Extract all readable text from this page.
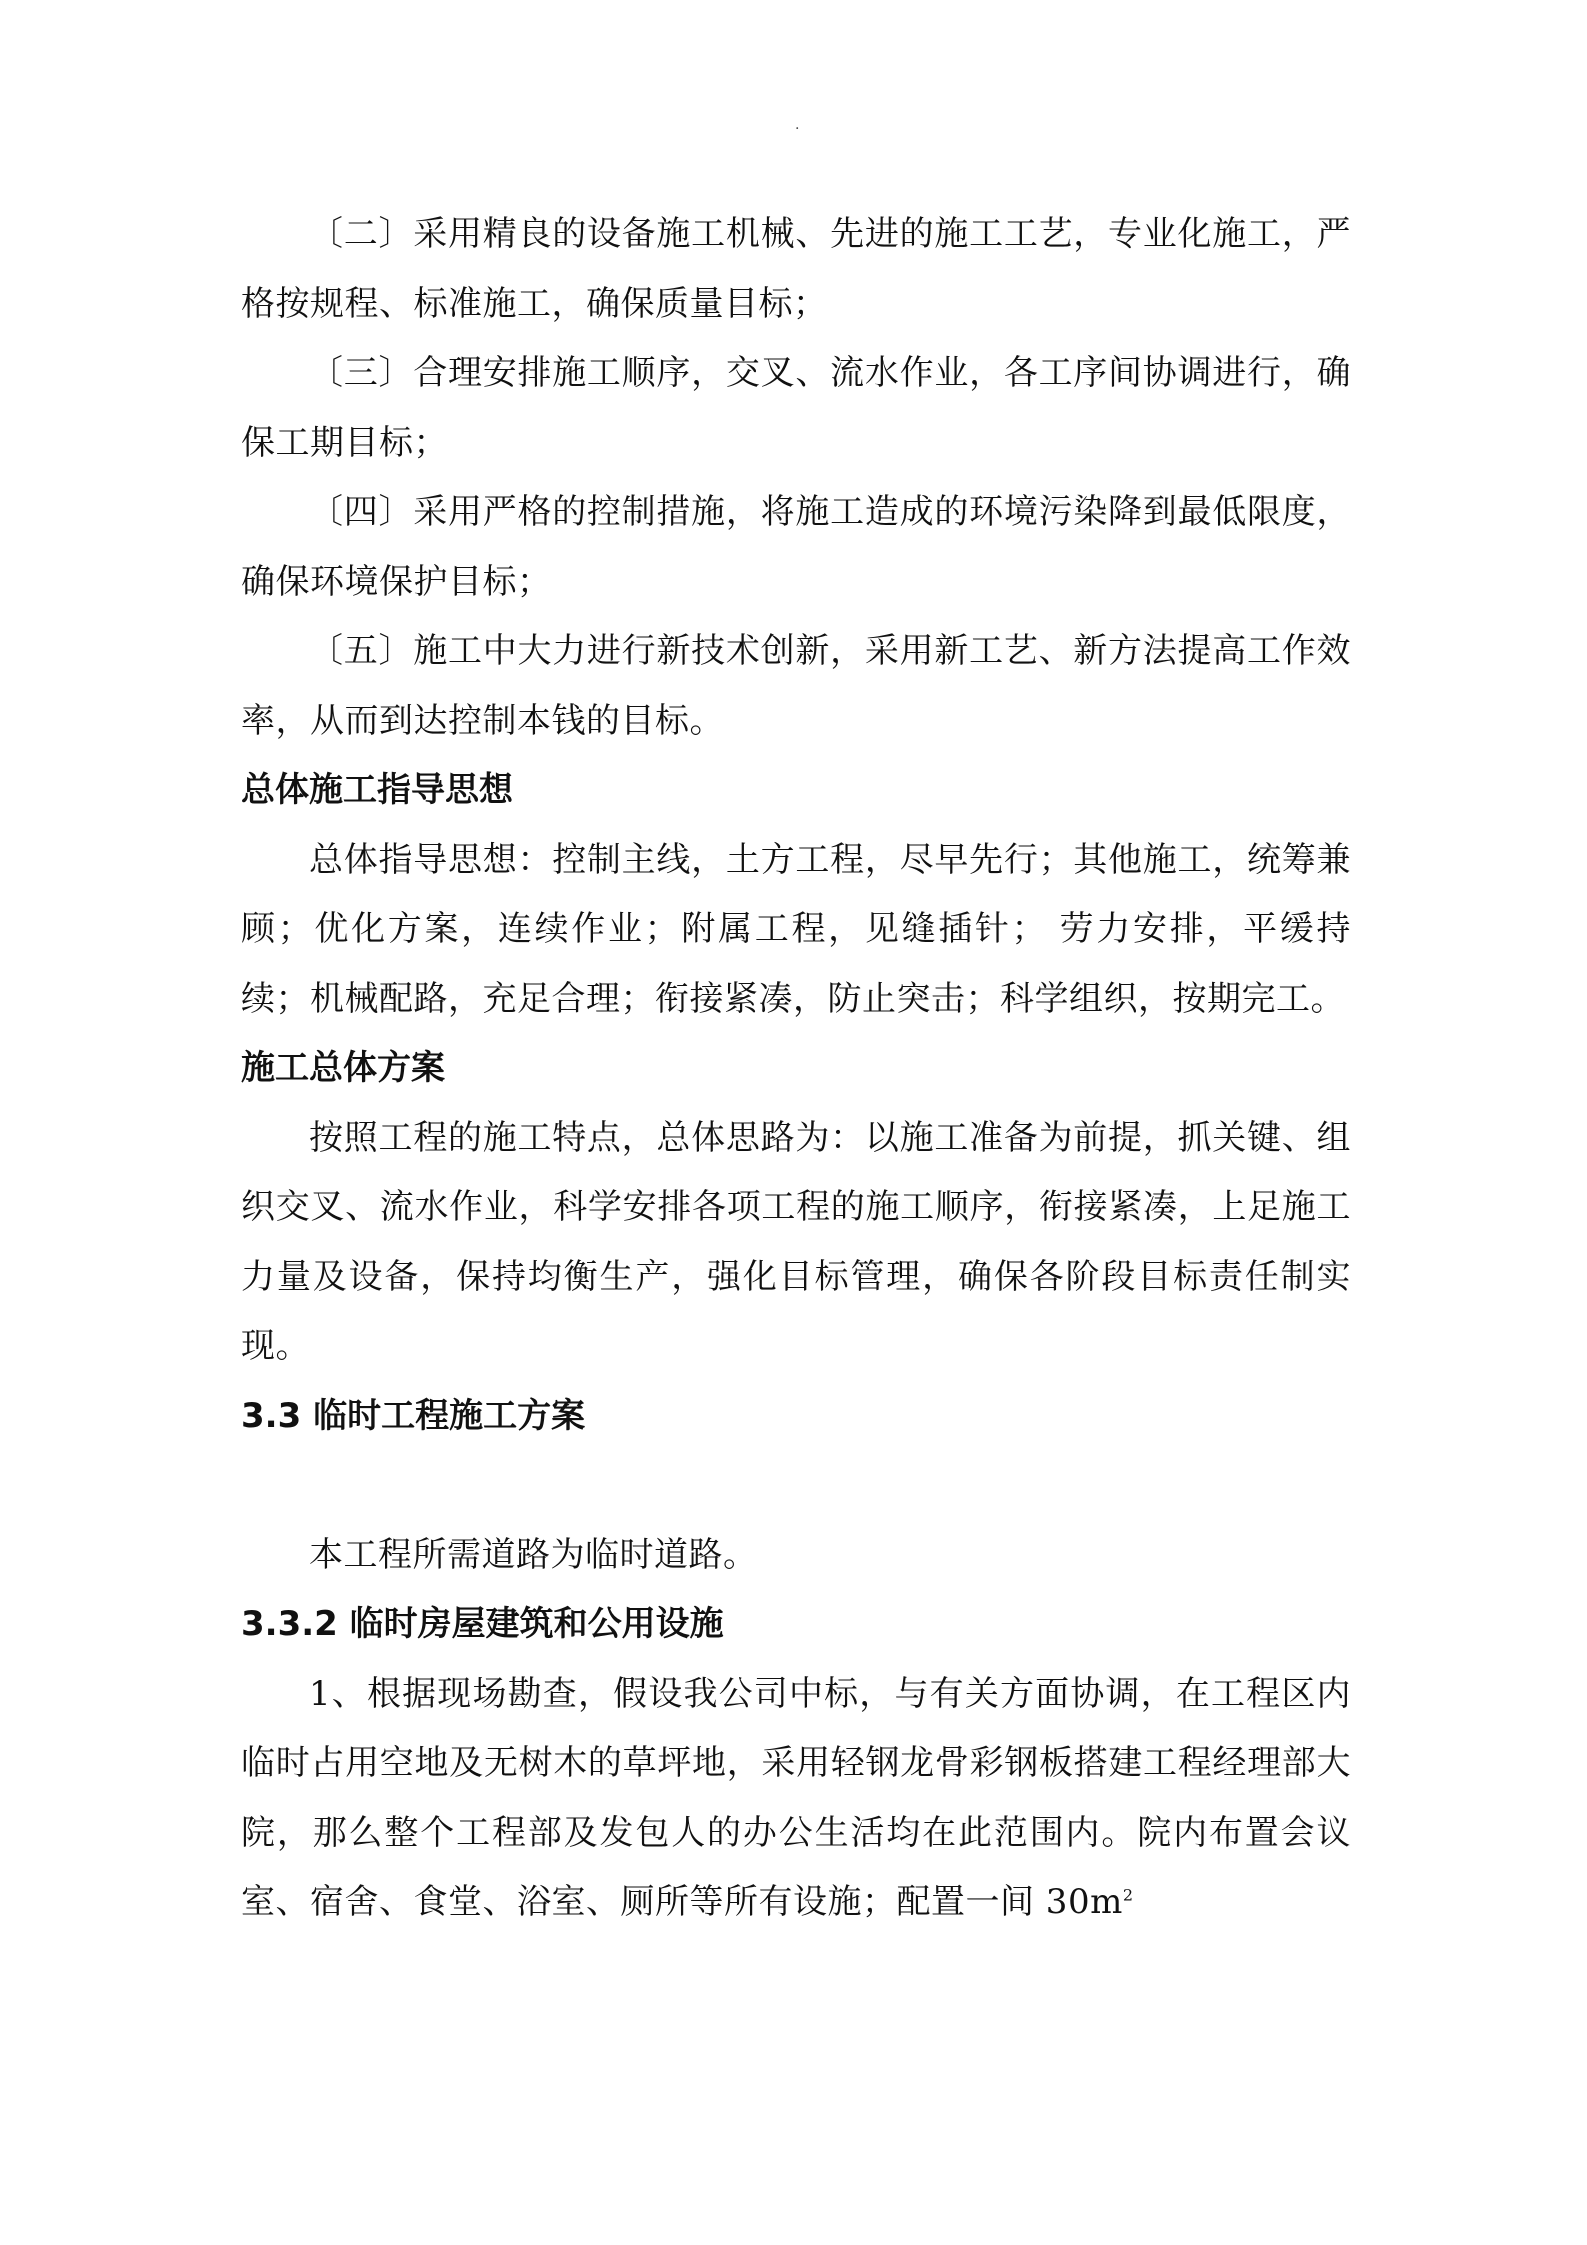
.

〔二〕采用精良的设备施工机械、先进的施工工艺，专业化施工，严格按规程、标准施工，确保质量目标；

〔三〕合理安排施工顺序，交叉、流水作业，各工序间协调进行，确保工期目标；

〔四〕采用严格的控制措施，将施工造成的环境污染降到最低限度，确保环境保护目标；

〔五〕施工中大力进行新技术创新，采用新工艺、新方法提高工作效率，从而到达控制本钱的目标。

总体施工指导思想

总体指导思想：控制主线，土方工程，尽早先行；其他施工，统筹兼顾；优化方案，连续作业；附属工程，见缝插针； 劳力安排，平缓持续；机械配路，充足合理；衔接紧凑，防止突击；科学组织，按期完工。

施工总体方案

按照工程的施工特点，总体思路为：以施工准备为前提，抓关键、组织交叉、流水作业，科学安排各项工程的施工顺序，衔接紧凑，上足施工力量及设备，保持均衡生产，强化目标管理，确保各阶段目标责任制实现。

3.3 临时工程施工方案

本工程所需道路为临时道路。

3.3.2 临时房屋建筑和公用设施

1、根据现场勘查，假设我公司中标，与有关方面协调，在工程区内临时占用空地及无树木的草坪地，采用轻钢龙骨彩钢板搭建工程经理部大院，那么整个工程部及发包人的办公生活均在此范围内。院内布置会议室、宿舍、食堂、浴室、厕所等所有设施；配置一间 $30m^2$
